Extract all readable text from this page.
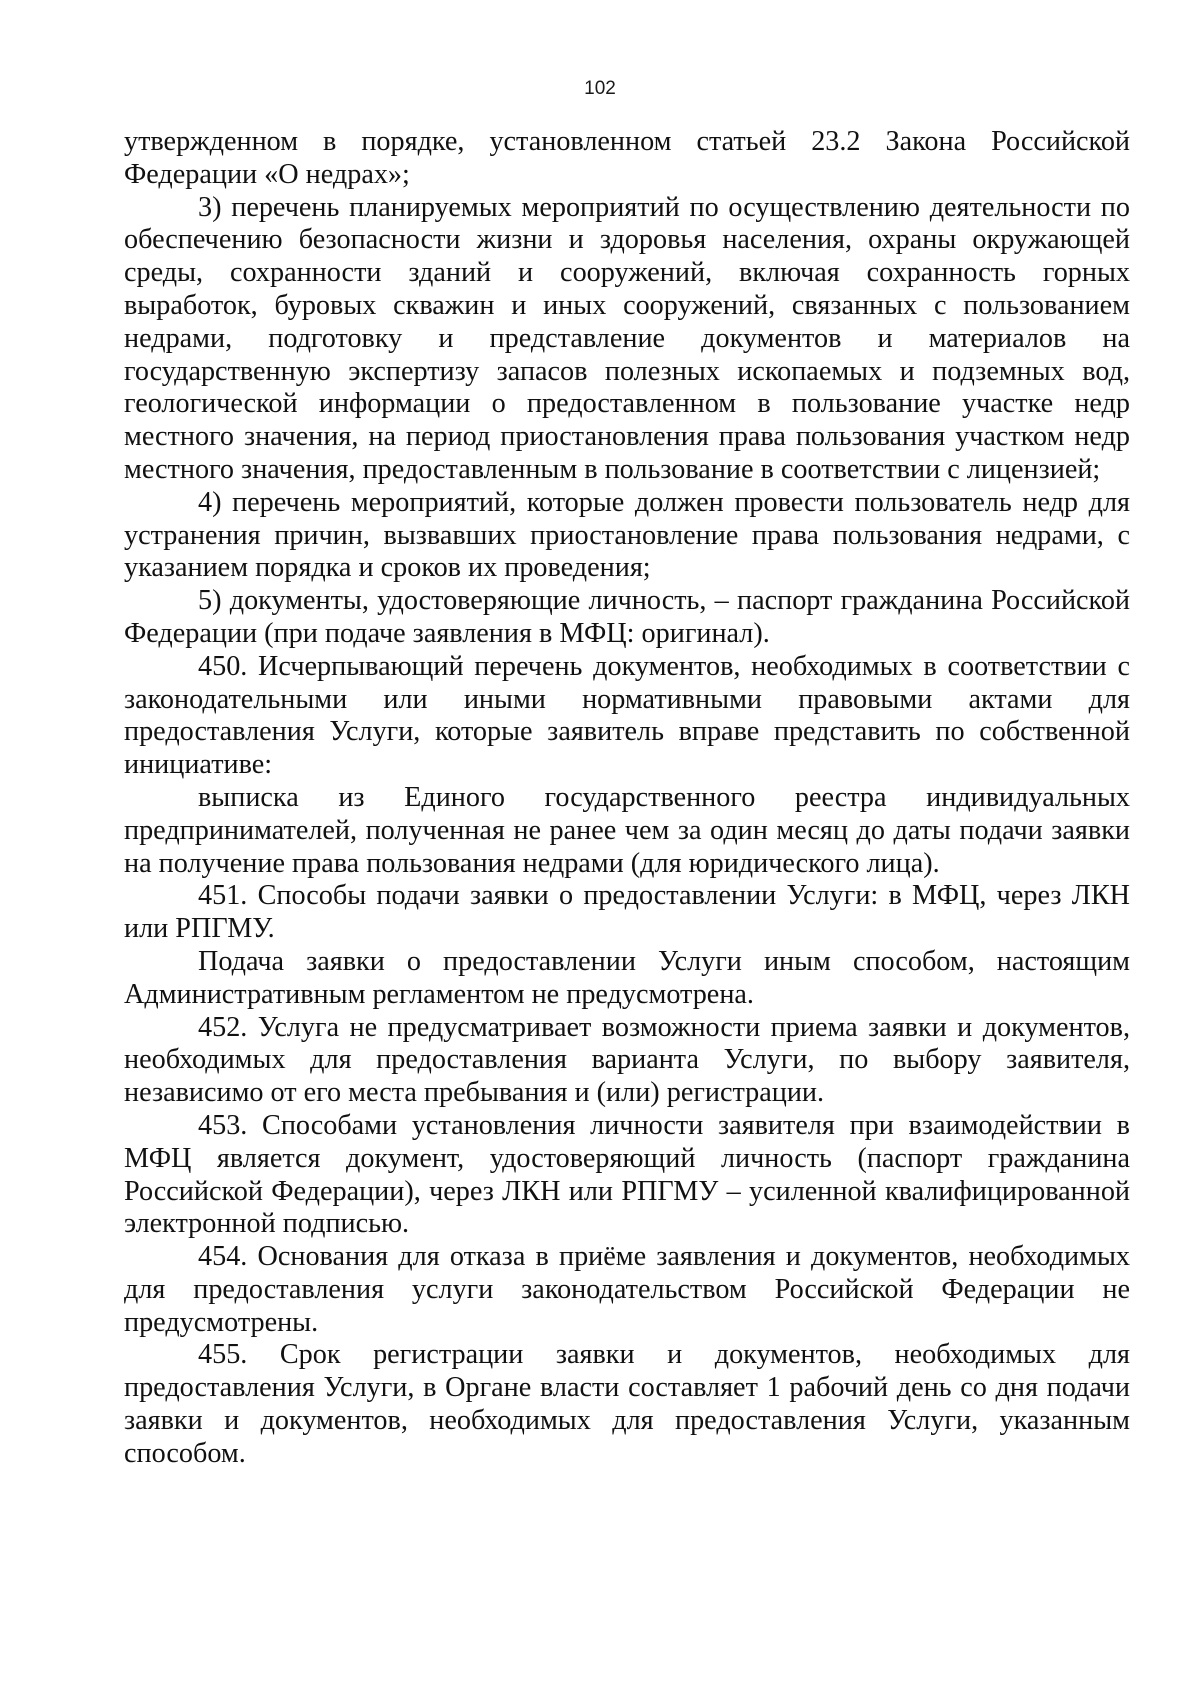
102

утвержденном в порядке, установленном статьей 23.2 Закона Российской Федерации «О недрах»;

3) перечень планируемых мероприятий по осуществлению деятельности по обеспечению безопасности жизни и здоровья населения, охраны окружающей среды, сохранности зданий и сооружений, включая сохранность горных выработок, буровых скважин и иных сооружений, связанных с пользованием недрами, подготовку и представление документов и материалов на государственную экспертизу запасов полезных ископаемых и подземных вод, геологической информации о предоставленном в пользование участке недр местного значения, на период приостановления права пользования участком недр местного значения, предоставленным в пользование в соответствии с лицензией;

4) перечень мероприятий, которые должен провести пользователь недр для устранения причин, вызвавших приостановление права пользования недрами, с указанием порядка и сроков их проведения;

5) документы, удостоверяющие личность, – паспорт гражданина Российской Федерации (при подаче заявления в МФЦ: оригинал).

450. Исчерпывающий перечень документов, необходимых в соответствии с законодательными или иными нормативными правовыми актами для предоставления Услуги, которые заявитель вправе представить по собственной инициативе:

выписка из Единого государственного реестра индивидуальных предпринимателей, полученная не ранее чем за один месяц до даты подачи заявки на получение права пользования недрами (для юридического лица).

451. Способы подачи заявки о предоставлении Услуги: в МФЦ, через ЛКН или РПГМУ.

Подача заявки о предоставлении Услуги иным способом, настоящим Административным регламентом не предусмотрена.

452. Услуга не предусматривает возможности приема заявки и документов, необходимых для предоставления варианта Услуги, по выбору заявителя, независимо от его места пребывания и (или) регистрации.

453. Способами установления личности заявителя при взаимодействии в МФЦ является документ, удостоверяющий личность (паспорт гражданина Российской Федерации), через ЛКН или РПГМУ – усиленной квалифицированной электронной подписью.

454. Основания для отказа в приёме заявления и документов, необходимых для предоставления услуги законодательством Российской Федерации не предусмотрены.

455. Срок регистрации заявки и документов, необходимых для предоставления Услуги, в Органе власти составляет 1 рабочий день со дня подачи заявки и документов, необходимых для предоставления Услуги, указанным способом.
